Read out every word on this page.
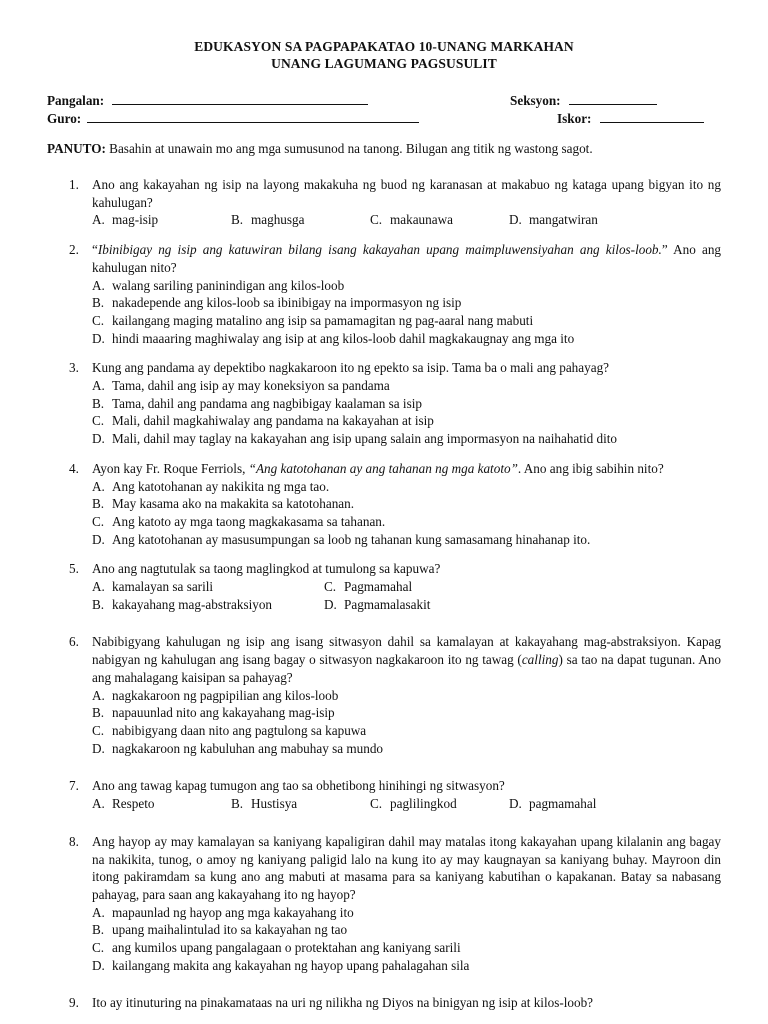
EDUKASYON SA PAGPAPAKATAO 10-UNANG MARKAHAN
UNANG LAGUMANG PAGSUSULIT
Pangalan:	Seksyon:
Guro:	Iskor:
PANUTO: Basahin at unawain mo ang mga sumusunod na tanong. Bilugan ang titik ng wastong sagot.
1. Ano ang kakayahan ng isip na layong makakuha ng buod ng karanasan at makabuo ng kataga upang bigyan ito ng kahulugan?
A. mag-isip	B. maghusga	C. makaunawa	D. mangatwiran
2. “Ibinibigay ng isip ang katuwiran bilang isang kakayahan upang maimpluwensiyahan ang kilos-loob.” Ano ang kahulugan nito?
A. walang sariling paninindigan ang kilos-loob
B. nakadepende ang kilos-loob sa ibinibigay na impormasyon ng isip
C. kailangang maging matalino ang isip sa pamamagitan ng pag-aaral nang mabuti
D. hindi maaaring maghiwalay ang isip at ang kilos-loob dahil magkakaugnay ang mga ito
3. Kung ang pandama ay depektibo nagkakaroon ito ng epekto sa isip. Tama ba o mali ang pahayag?
A. Tama, dahil ang isip ay may koneksiyon sa pandama
B. Tama, dahil ang pandama ang nagbibigay kaalaman sa isip
C. Mali, dahil magkahiwalay ang pandama na kakayahan at isip
D. Mali, dahil may taglay na kakayahan ang isip upang salain ang impormasyon na naihahatid dito
4. Ayon kay Fr. Roque Ferriols, “Ang katotohanan ay ang tahanan ng mga katoto”. Ano ang ibig sabihin nito?
A. Ang katotohanan ay nakikita ng mga tao.
B. May kasama ako na makakita sa katotohanan.
C. Ang katoto ay mga taong magkakasama sa tahanan.
D. Ang katotohanan ay masusumpungan sa loob ng tahanan kung samasamang hinahanap ito.
5. Ano ang nagtutulak sa taong maglingkod at tumulong sa kapuwa?
A. kamalayan sa sarili	C. Pagmamahal
B. kakayahang mag-abstraksiyon	D. Pagmamalasakit
6. Nabibigyang kahulugan ng isip ang isang sitwasyon dahil sa kamalayan at kakayahang mag-abstraksiyon. Kapag nabigyan ng kahulugan ang isang bagay o sitwasyon nagkakaroon ito ng tawag (calling) sa tao na dapat tugunan. Ano ang mahalagang kaisipan sa pahayag?
A. nagkakaroon ng pagpipilian ang kilos-loob
B. napauunlad nito ang kakayahang mag-isip
C. nabibigyang daan nito ang pagtulong sa kapuwa
D. nagkakaroon ng kabuluhan ang mabuhay sa mundo
7. Ano ang tawag kapag tumugon ang tao sa obhetibong hinihingi ng sitwasyon?
A. Respeto	B. Hustisya	C. paglilingkod	D. pagmamahal
8. Ang hayop ay may kamalayan sa kaniyang kapaligiran dahil may matalas itong kakayahan upang kilalanin ang bagay na nakikita, tunog, o amoy ng kaniyang paligid lalo na kung ito ay may kaugnayan sa kaniyang buhay. Mayroon din itong pakiramdam sa kung ano ang mabuti at masama para sa kaniyang kabutihan o kapakanan. Batay sa nabasang pahayag, para saan ang kakayahang ito ng hayop?
A. mapaunlad ng hayop ang mga kakayahang ito
B. upang maihalintulad ito sa kakayahan ng tao
C. ang kumilos upang pangalagaan o protektahan ang kaniyang sarili
D. kailangang makita ang kakayahan ng hayop upang pahalagahan sila
9. Ito ay itinuturing na pinakamataas na uri ng nilikha ng Diyos na binigyan ng isip at kilos-loob?
